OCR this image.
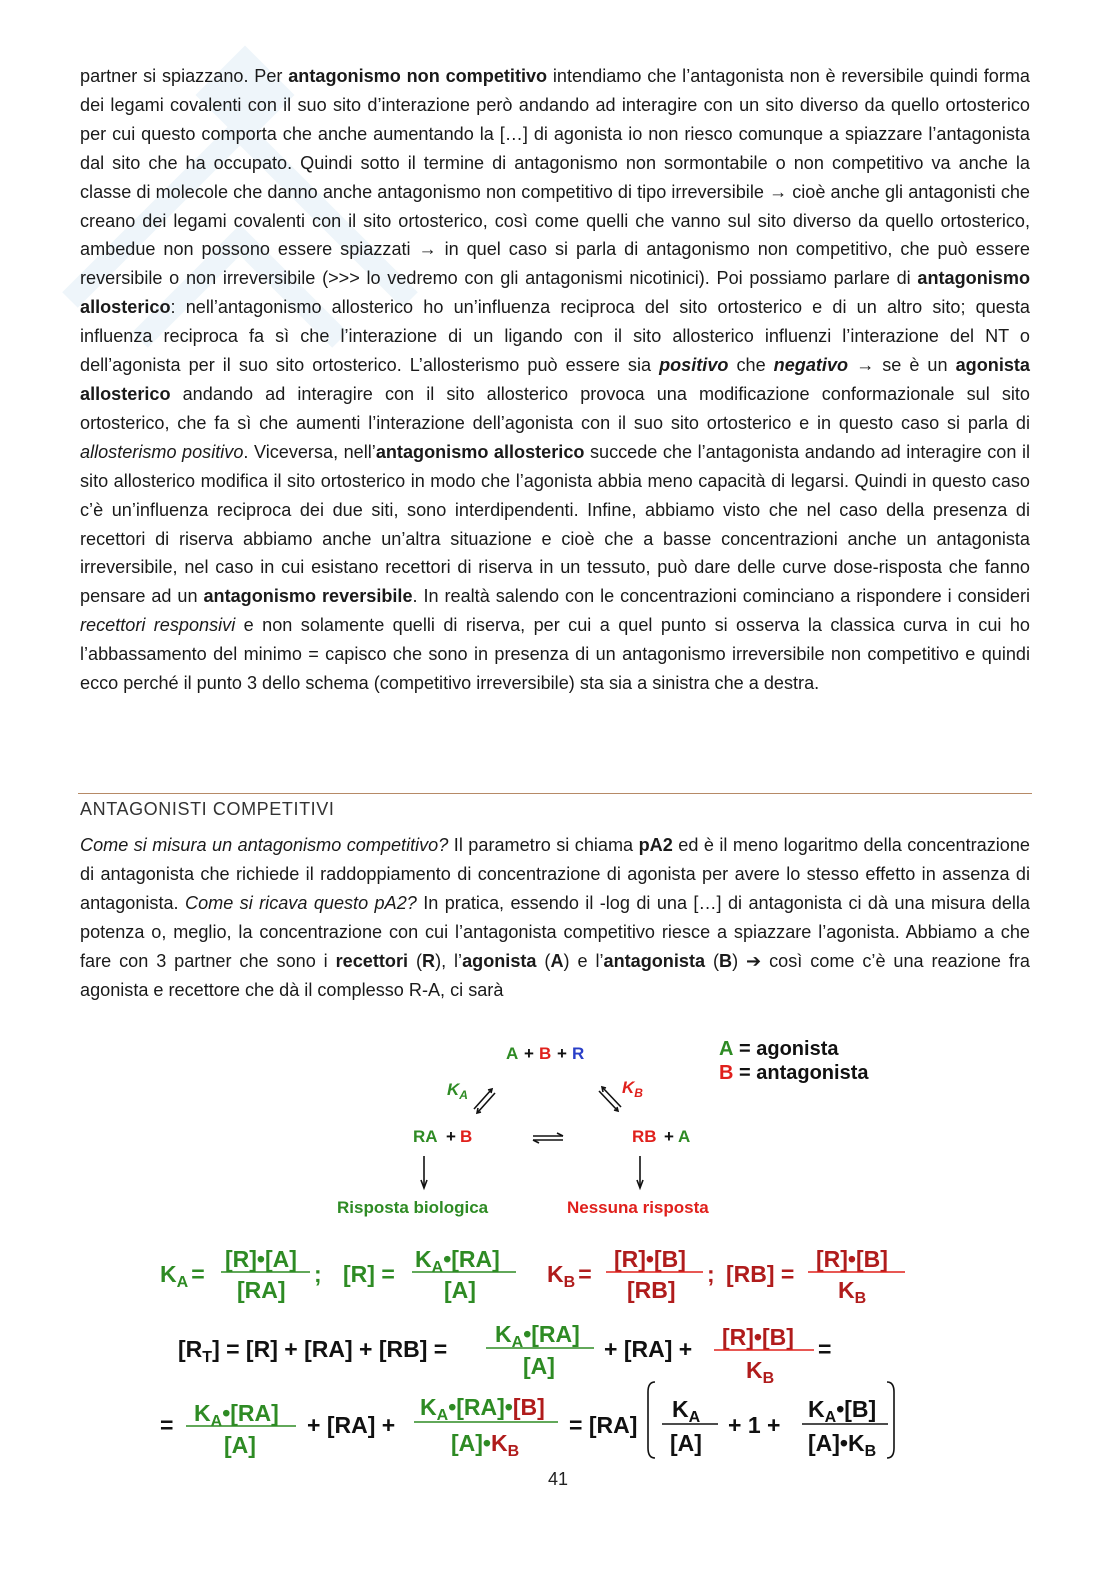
partner si spiazzano. Per antagonismo non competitivo intendiamo che l’antagonista non è reversibile quindi forma dei legami covalenti con il suo sito d’interazione però andando ad interagire con un sito diverso da quello ortosterico per cui questo comporta che anche aumentando la […] di agonista io non riesco comunque a spiazzare l’antagonista dal sito che ha occupato. Quindi sotto il termine di antagonismo non sormontabile o non competitivo va anche la classe di molecole che danno anche antagonismo non competitivo di tipo irreversibile → cioè anche gli antagonisti che creano dei legami covalenti con il sito ortosterico, così come quelli che vanno sul sito diverso da quello ortosterico, ambedue non possono essere spiazzati → in quel caso si parla di antagonismo non competitivo, che può essere reversibile o non irreversibile (>>> lo vedremo con gli antagonismi nicotinici). Poi possiamo parlare di antagonismo allosterico: nell’antagonismo allosterico ho un’influenza reciproca del sito ortosterico e di un altro sito; questa influenza reciproca fa sì che l’interazione di un ligando con il sito allosterico influenzi l’interazione del NT o dell’agonista per il suo sito ortosterico. L’allosterismo può essere sia positivo che negativo → se è un agonista allosterico andando ad interagire con il sito allosterico provoca una modificazione conformazionale sul sito ortosterico, che fa sì che aumenti l’interazione dell’agonista con il suo sito ortosterico e in questo caso si parla di allosterismo positivo. Viceversa, nell’antagonismo allosterico succede che l’antagonista andando ad interagire con il sito allosterico modifica il sito ortosterico in modo che l’agonista abbia meno capacità di legarsi. Quindi in questo caso c’è un’influenza reciproca dei due siti, sono interdipendenti. Infine, abbiamo visto che nel caso della presenza di recettori di riserva abbiamo anche un’altra situazione e cioè che a basse concentrazioni anche un antagonista irreversibile, nel caso in cui esistano recettori di riserva in un tessuto, può dare delle curve dose-risposta che fanno pensare ad un antagonismo reversibile. In realtà salendo con le concentrazioni cominciano a rispondere i consideri recettori responsivi e non solamente quelli di riserva, per cui a quel punto si osserva la classica curva in cui ho l’abbassamento del minimo = capisco che sono in presenza di un antagonismo irreversibile non competitivo e quindi ecco perché il punto 3 dello schema (competitivo irreversibile) sta sia a sinistra che a destra.
ANTAGONISTI COMPETITIVI
Come si misura un antagonismo competitivo? Il parametro si chiama pA2 ed è il meno logaritmo della concentrazione di antagonista che richiede il raddoppiamento di concentrazione di agonista per avere lo stesso effetto in assenza di antagonista. Come si ricava questo pA2? In pratica, essendo il -log di una […] di antagonista ci dà una misura della potenza o, meglio, la concentrazione con cui l’antagonista competitivo riesce a spiazzare l’agonista. Abbiamo a che fare con 3 partner che sono i recettori (R), l’agonista (A) e l’antagonista (B) ➔ così come c’è una reazione fra agonista e recettore che dà il complesso R-A, ci sarà
A + B + R	A = agonista
B = antagonista
$K_A$	$K_B$
RA + B	RB + A
Risposta biologica	Nessuna risposta
$K_A$ =
[R]•[A]
[RA]
; [R] =
$K_A•[RA]$
[A]
$K_B$ =
[R]•[B]
[RB]
; [RB] =
[R]•[B]
$K_B$
$[R_T] = [R] + [RA] + [RB]$ =
$K_A•[RA]$
[A]
+ [RA] + [R]•[B]
$K_B$
=
= $K_A•[RA]$
[A]
+ [RA] +
$K_A•[RA]•[B]$
$[A]•K_B$
= [RA]
$K_A$
[A]
+ 1 +
$K_A•[B]$
$[A]•K_B$
41
